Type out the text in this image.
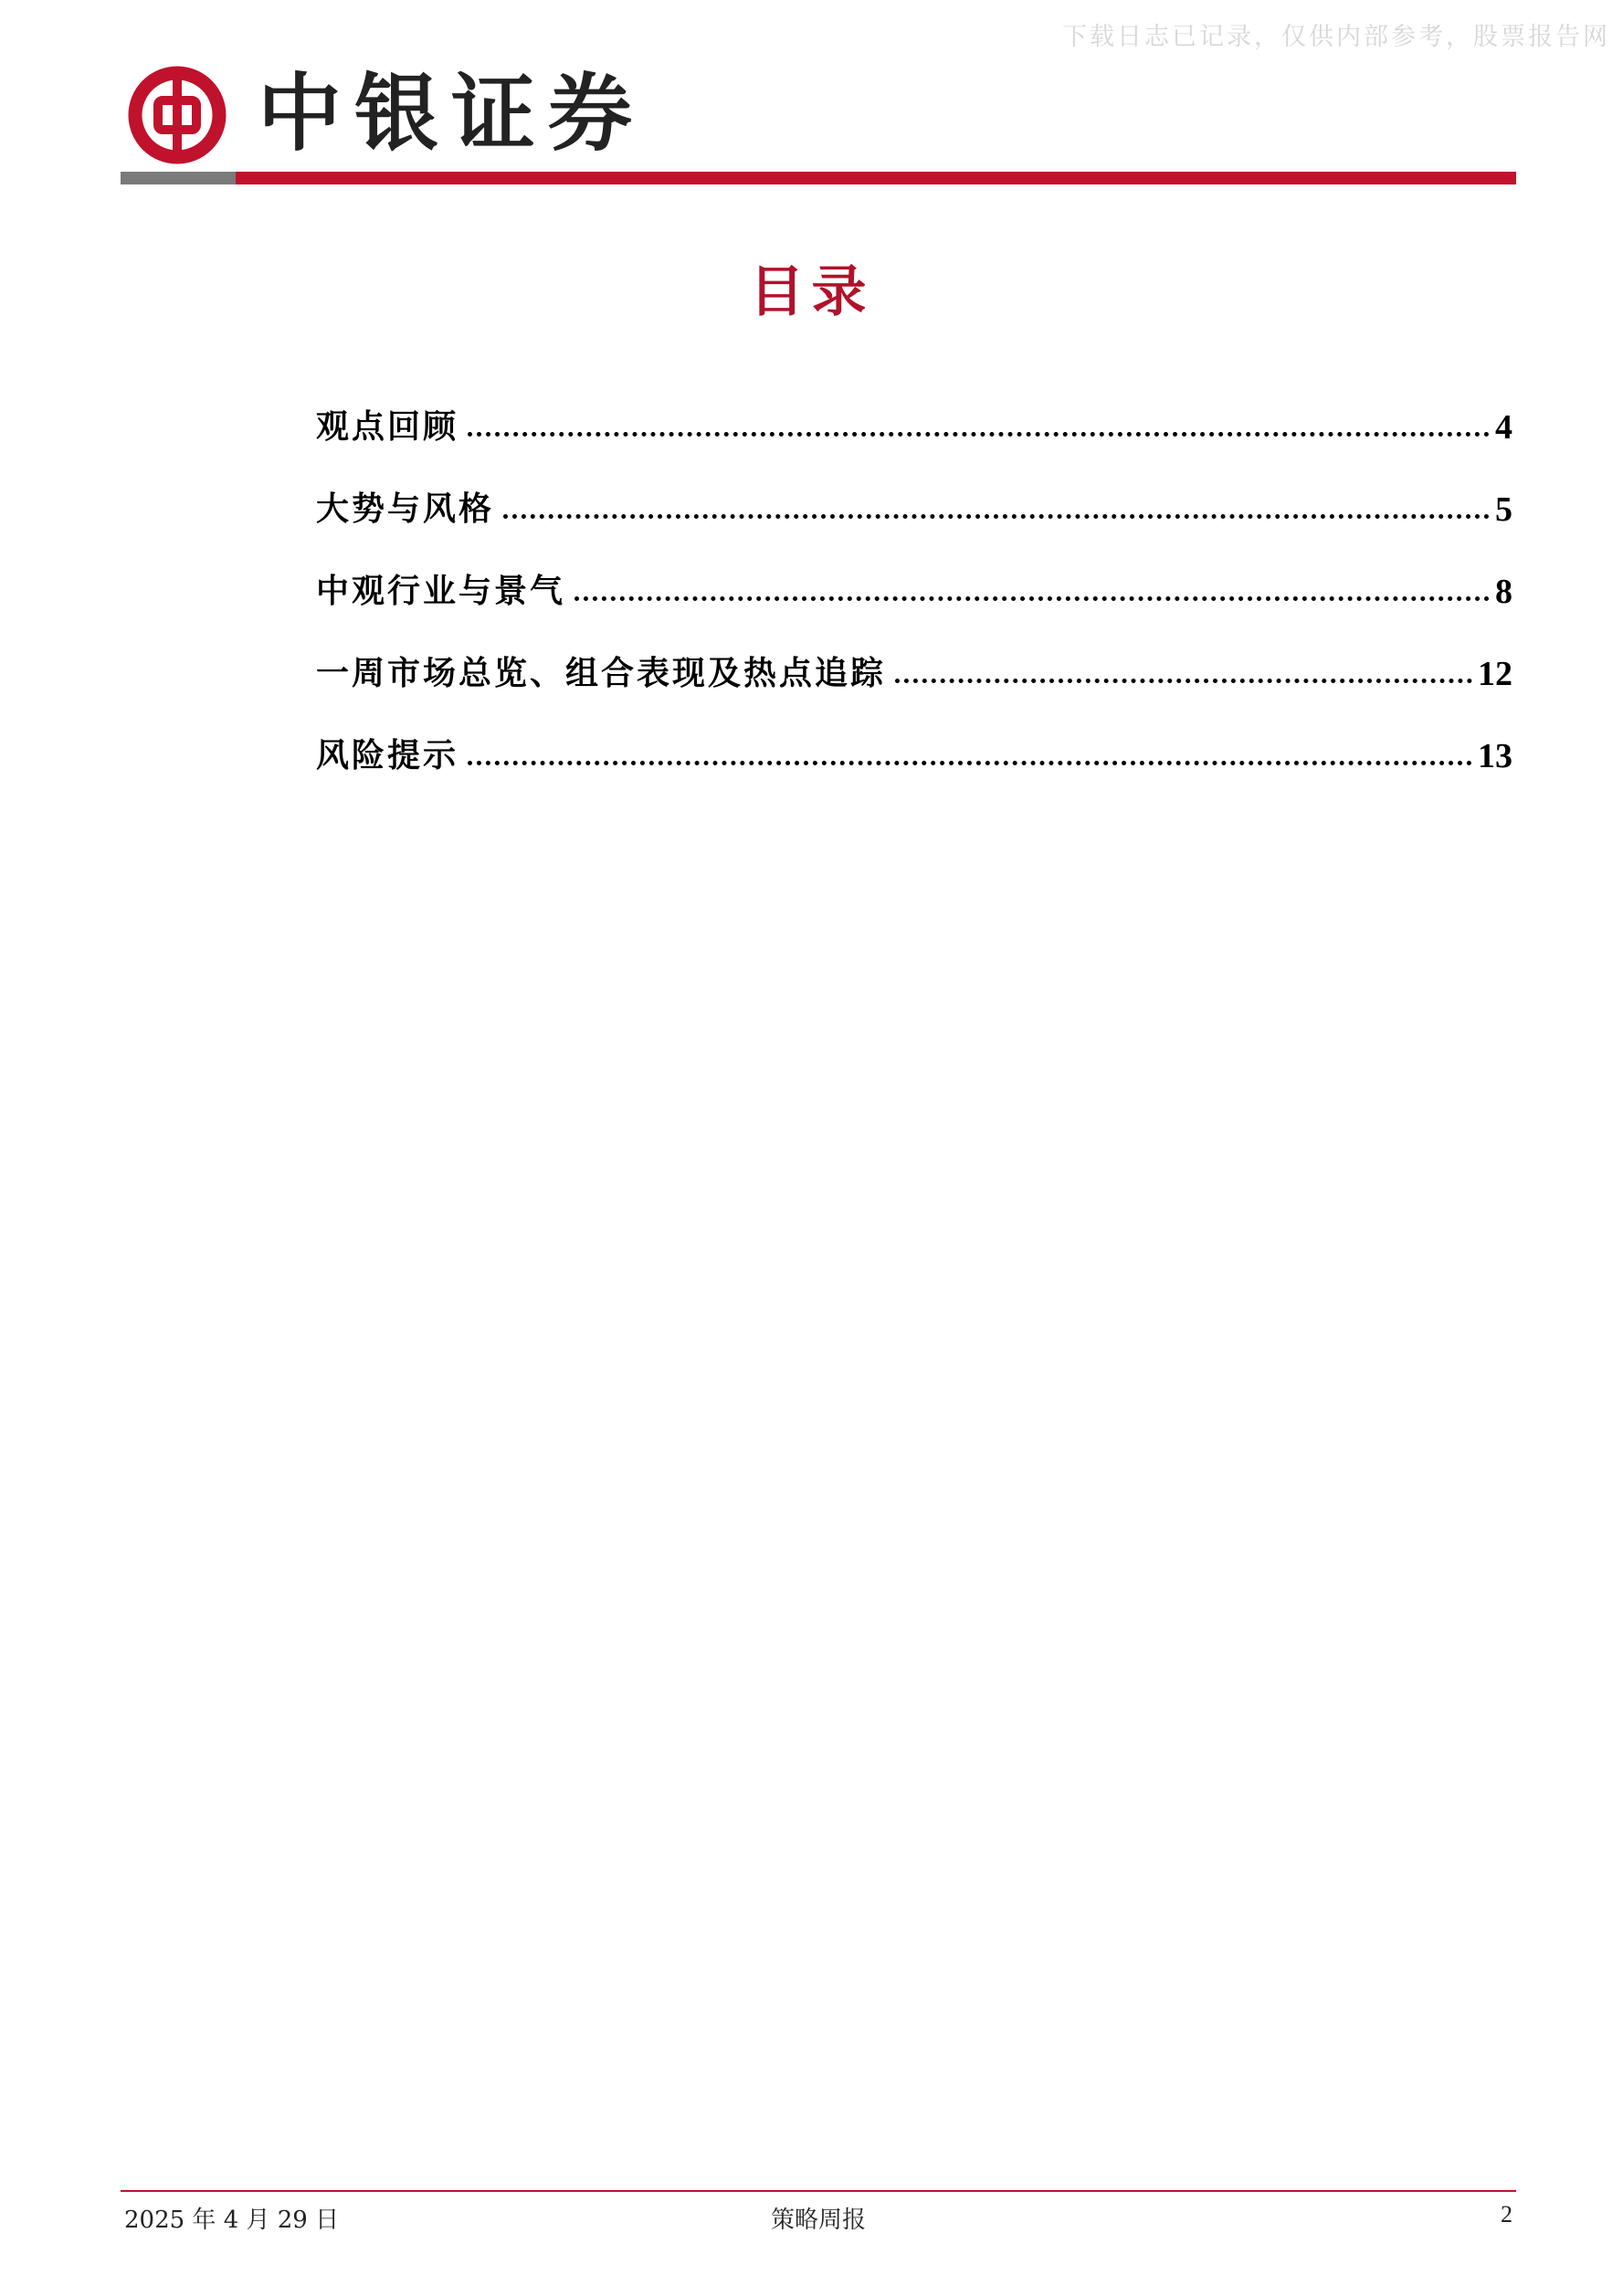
下载日志已记录，仅供内部参考，股票报告网
中银证券
目录
观点回顾	4
大势与风格	5
中观行业与景气	8
一周市场总览、组合表现及热点追踪	12
风险提示	13
2025 年 4 月 29 日	策略周报	2
